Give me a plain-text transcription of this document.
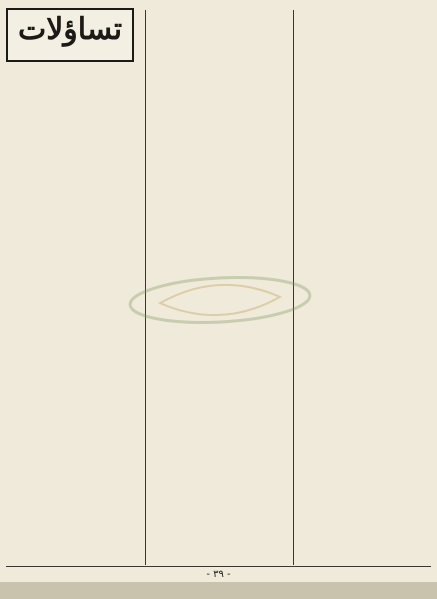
تساؤلات
- ٣٩ -
